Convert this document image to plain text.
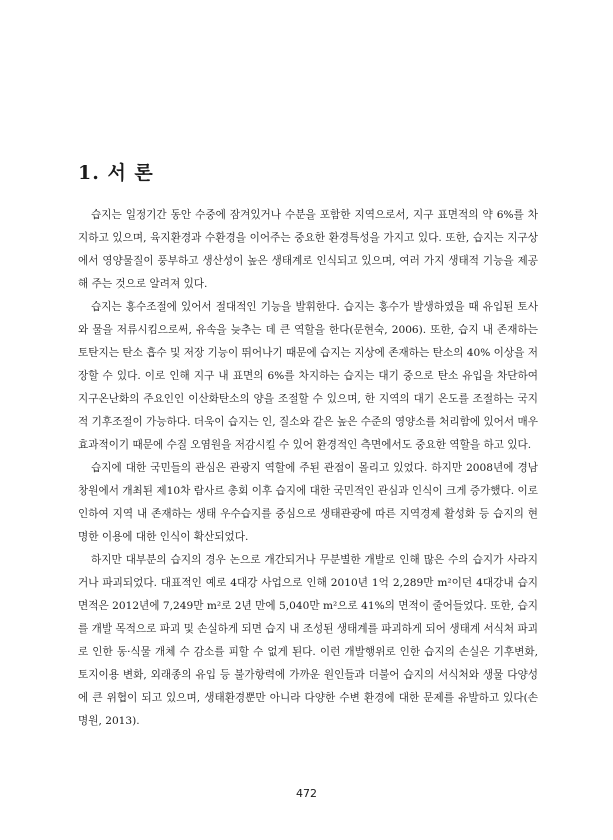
1. 서 론

습지는 일정기간 동안 수중에 잠겨있거나 수분을 포함한 지역으로서, 지구 표면적의 약 6%를 차지하고 있으며, 육지환경과 수환경을 이어주는 중요한 환경특성을 가지고 있다. 또한, 습지는 지구상에서 영양물질이 풍부하고 생산성이 높은 생태계로 인식되고 있으며, 여러 가지 생태적 기능을 제공해 주는 것으로 알려져 있다.

습지는 홍수조절에 있어서 절대적인 기능을 발휘한다. 습지는 홍수가 발생하였을 때 유입된 토사와 물을 저류시킴으로써, 유속을 늦추는 데 큰 역할을 한다(문현숙, 2006). 또한, 습지 내 존재하는 토탄지는 탄소 흡수 및 저장 기능이 뛰어나기 때문에 습지는 지상에 존재하는 탄소의 40% 이상을 저장할 수 있다. 이로 인해 지구 내 표면의 6%를 차지하는 습지는 대기 중으로 탄소 유입을 차단하여 지구온난화의 주요인인 이산화탄소의 양을 조절할 수 있으며, 한 지역의 대기 온도를 조절하는 국지적 기후조절이 가능하다. 더욱이 습지는 인, 질소와 같은 높은 수준의 영양소를 처리함에 있어서 매우 효과적이기 때문에 수질 오염원을 저감시킬 수 있어 환경적인 측면에서도 중요한 역할을 하고 있다.

습지에 대한 국민들의 관심은 관광지 역할에 주된 관점이 몰리고 있었다. 하지만 2008년에 경남 창원에서 개최된 제10차 람사르 총회 이후 습지에 대한 국민적인 관심과 인식이 크게 증가했다. 이로 인하여 지역 내 존재하는 생태 우수습지를 중심으로 생태관광에 따른 지역경제 활성화 등 습지의 현명한 이용에 대한 인식이 확산되었다.

하지만 대부분의 습지의 경우 논으로 개간되거나 무분별한 개발로 인해 많은 수의 습지가 사라지거나 파괴되었다. 대표적인 예로 4대강 사업으로 인해 2010년 1억 2,289만 m²이던 4대강내 습지 면적은 2012년에 7,249만 m²로 2년 만에 5,040만 m²으로 41%의 면적이 줄어들었다. 또한, 습지를 개발 목적으로 파괴 및 손실하게 되면 습지 내 조성된 생태계를 파괴하게 되어 생태계 서식처 파괴로 인한 동·식물 개체 수 감소를 피할 수 없게 된다. 이런 개발행위로 인한 습지의 손실은 기후변화, 토지이용 변화, 외래종의 유입 등 불가항력에 가까운 원인들과 더불어 습지의 서식처와 생물 다양성에 큰 위협이 되고 있으며, 생태환경뿐만 아니라 다양한 수변 환경에 대한 문제를 유발하고 있다(손명원, 2013).

472
